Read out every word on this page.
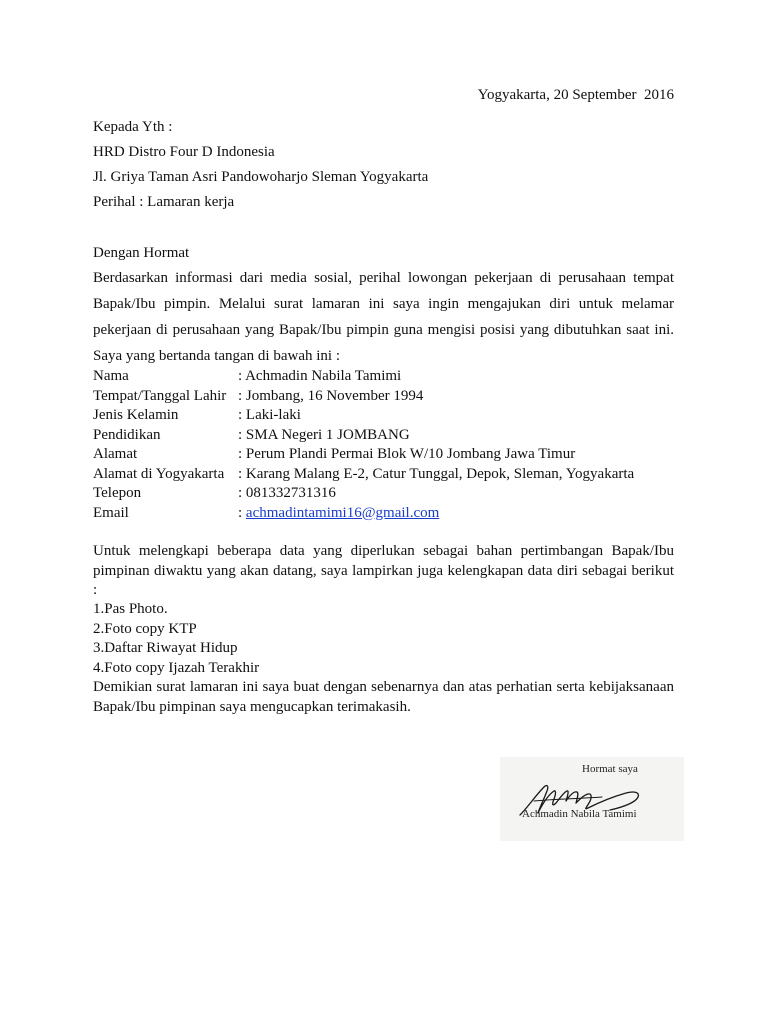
Yogyakarta, 20 September  2016
Kepada Yth :
HRD Distro Four D Indonesia
Jl. Griya Taman Asri Pandowoharjo Sleman Yogyakarta
Perihal : Lamaran kerja
Dengan Hormat
Berdasarkan informasi dari media sosial, perihal lowongan pekerjaan di perusahaan tempat Bapak/Ibu pimpin. Melalui surat lamaran ini saya ingin mengajukan diri untuk melamar pekerjaan di perusahaan yang Bapak/Ibu pimpin guna mengisi posisi yang dibutuhkan saat ini. Saya yang bertanda tangan di bawah ini :
Nama	: Achmadin Nabila Tamimi
Tempat/Tanggal Lahir : Jombang, 16 November 1994
Jenis Kelamin	: Laki-laki
Pendidikan	: SMA Negeri 1 JOMBANG
Alamat	: Perum Plandi Permai Blok W/10 Jombang Jawa Timur
Alamat di Yogyakarta : Karang Malang E-2, Catur Tunggal, Depok, Sleman, Yogyakarta
Telepon	: 081332731316
Email	: achmadintamimi16@gmail.com
Untuk melengkapi beberapa data yang diperlukan sebagai bahan pertimbangan Bapak/Ibu pimpinan diwaktu yang akan datang, saya lampirkan juga kelengkapan data diri sebagai berikut :
1.Pas Photo.
2.Foto copy KTP
3.Daftar Riwayat Hidup
4.Foto copy Ijazah Terakhir
Demikian surat lamaran ini saya buat dengan sebenarnya dan atas perhatian serta kebijaksanaan Bapak/Ibu pimpinan saya mengucapkan terimakasih.
Hormat saya
Achmadin Nabila Tamimi
